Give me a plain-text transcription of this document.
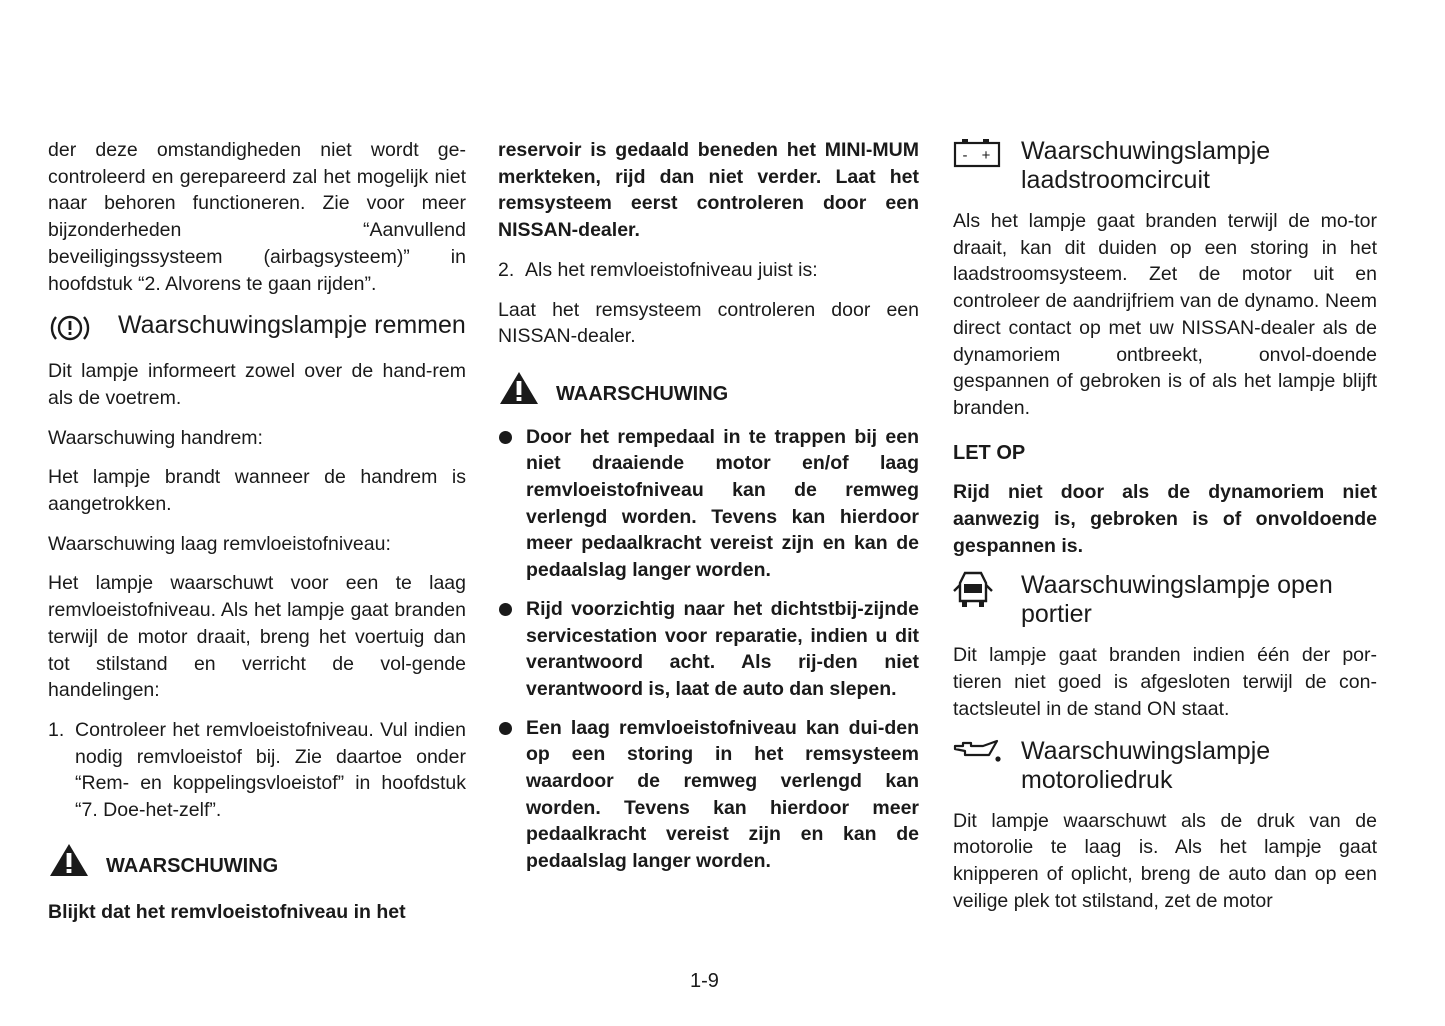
der deze omstandigheden niet wordt ge-controleerd en gerepareerd zal het mogelijk niet naar behoren functioneren. Zie voor meer bijzonderheden “Aanvullend beveiligingssysteem (airbagsysteem)” in hoofdstuk “2. Alvorens te gaan rijden”.

Waarschuwingslampje remmen

Dit lampje informeert zowel over de hand-rem als de voetrem.

Waarschuwing handrem:

Het lampje brandt wanneer de handrem is aangetrokken.

Waarschuwing laag remvloeistofniveau:

Het lampje waarschuwt voor een te laag remvloeistofniveau. Als het lampje gaat branden terwijl de motor draait, breng het voertuig dan tot stilstand en verricht de vol-gende handelingen:

1. Controleer het remvloeistofniveau. Vul indien nodig remvloeistof bij. Zie daartoe onder “Rem- en koppelingsvloeistof” in hoofdstuk “7. Doe-het-zelf”.
WAARSCHUWING

Blijkt dat het remvloeistofniveau in het

reservoir is gedaald beneden het MINI-MUM merkteken, rijd dan niet verder. Laat het remsysteem eerst controleren door een NISSAN-dealer.

2. Als het remvloeistofniveau juist is:

Laat het remsysteem controleren door een NISSAN-dealer.

WAARSCHUWING
Door het rempedaal in te trappen bij een niet draaiende motor en/of laag remvloeistofniveau kan de remweg verlengd worden. Tevens kan hierdoor meer pedaalkracht vereist zijn en kan de pedaalslag langer worden.
Rijd voorzichtig naar het dichtstbij-zijnde servicestation voor reparatie, indien u dit verantwoord acht. Als rij-den niet verantwoord is, laat de auto dan slepen.
Een laag remvloeistofniveau kan dui-den op een storing in het remsysteem waardoor de remweg verlengd kan worden. Tevens kan hierdoor meer pedaalkracht vereist zijn en kan de pedaalslag langer worden.
- + Waarschuwingslampje laadstroomcircuit

Als het lampje gaat branden terwijl de mo-tor draait, kan dit duiden op een storing in het laadstroomsysteem. Zet de motor uit en controleer de aandrijfriem van de dynamo. Neem direct contact op met uw NISSAN-dealer als de dynamoriem ontbreekt, onvol-doende gespannen of gebroken is of als het lampje blijft branden.

LET OP

Rijd niet door als de dynamoriem niet aanwezig is, gebroken is of onvoldoende gespannen is.

Waarschuwingslampje open portier

Dit lampje gaat branden indien één der por-tieren niet goed is afgesloten terwijl de con-tactsleutel in de stand ON staat.

Waarschuwingslampje motoroliedruk

Dit lampje waarschuwt als de druk van de motorolie te laag is. Als het lampje gaat knipperen of oplicht, breng de auto dan op een veilige plek tot stilstand, zet de motor

1-9
